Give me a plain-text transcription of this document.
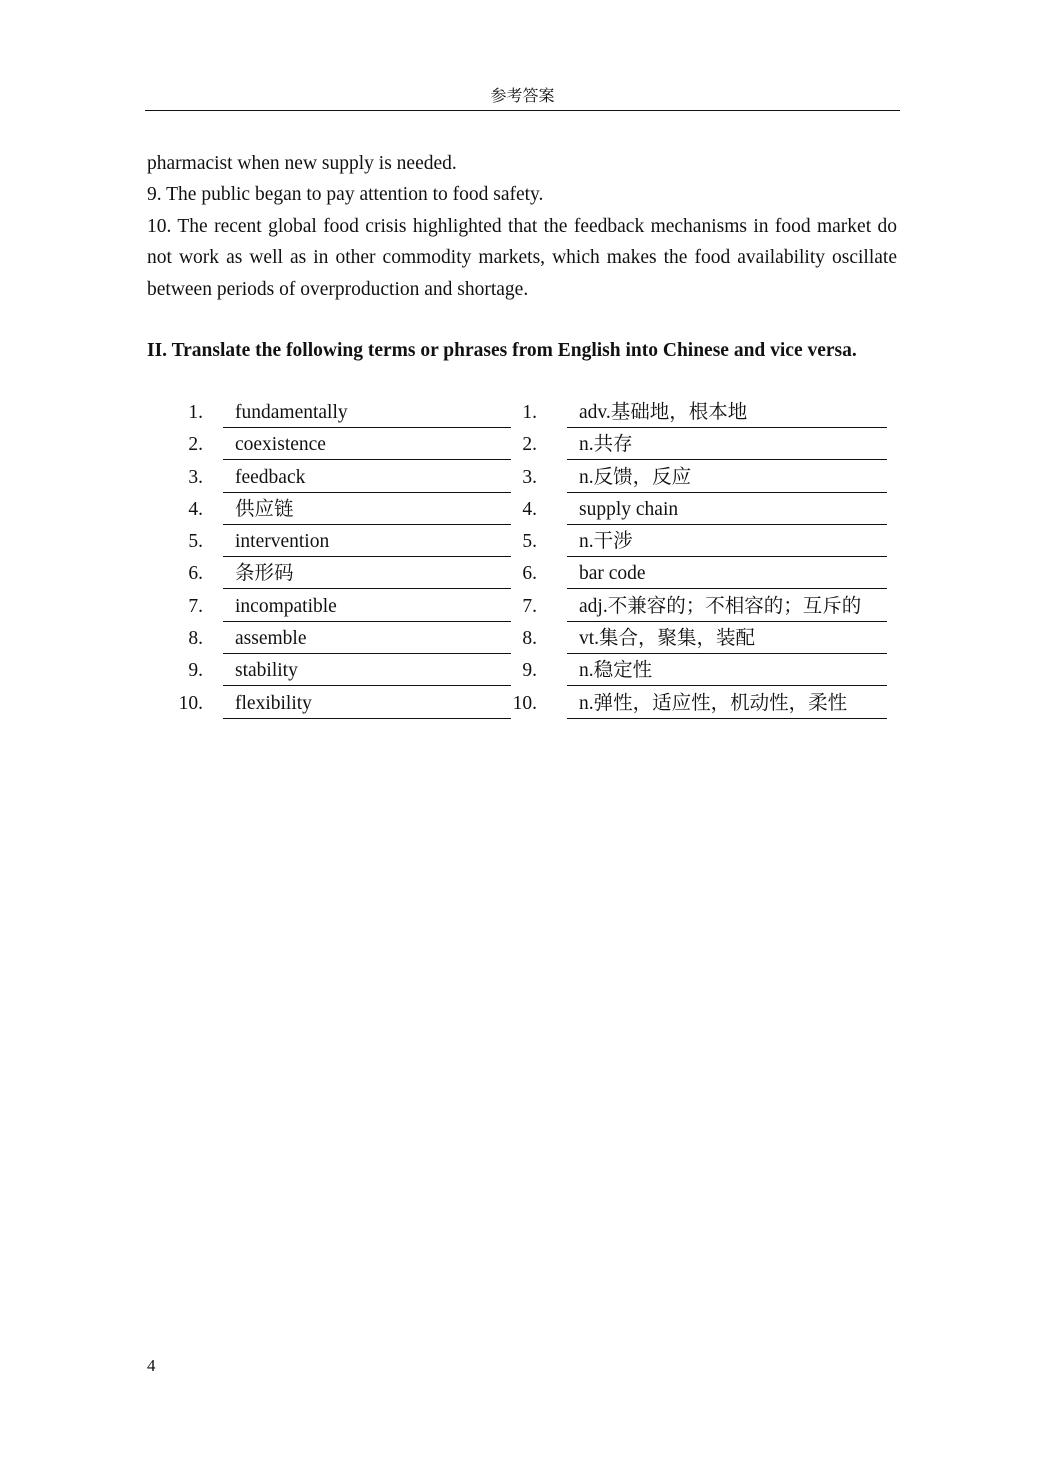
参考答案

pharmacist when new supply is needed.

9. The public began to pay attention to food safety.

10. The recent global food crisis highlighted that the feedback mechanisms in food market do not work as well as in other commodity markets, which makes the food availability oscillate between periods of overproduction and shortage.

II. Translate the following terms or phrases from English into Chinese and vice versa.

1.	fundamentally	1.	adv.基础地，根本地
2.	coexistence	2.	n.共存
3.	feedback	3.	n.反馈，反应
4.	供应链	4.	supply chain
5.	intervention	5.	n.干涉
6.	条形码	6.	bar code
7.	incompatible	7.	adj.不兼容的；不相容的；互斥的
8.	assemble	8.	vt.集合，聚集，装配
9.	stability	9.	n.稳定性
10.	flexibility	10.	n.弹性，适应性，机动性，柔性
4
